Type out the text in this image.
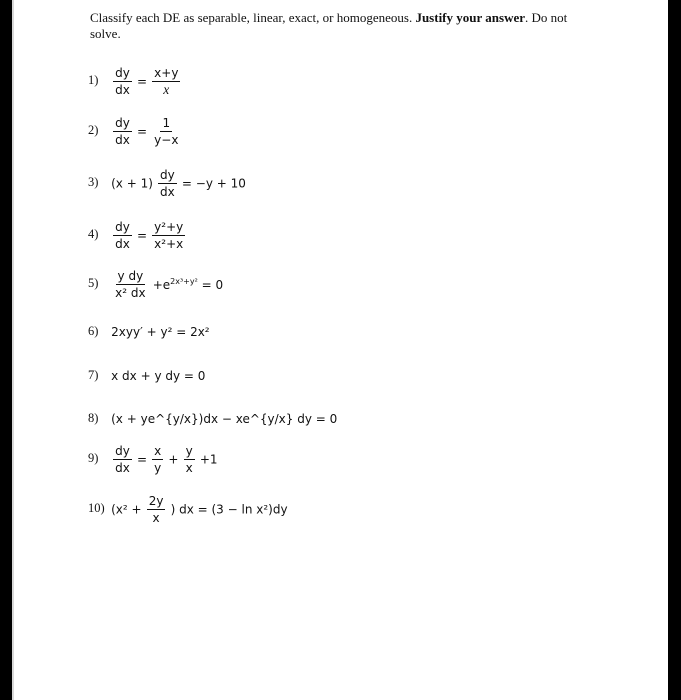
Classify each DE as separable, linear, exact, or homogeneous. Justify your answer. Do not solve.
$1) \frac{dy}{dx} = \frac{x+y}{x}$
$2) \frac{dy}{dx} = \frac{1}{y-x}$
3) $(x + 1) \frac{dy}{dx} = -y + 10$
$4) \frac{dy}{dx} = \frac{\text{y²+y}}{\text{x²+x}}$
$5) \frac{\text{y dy}}{\text{x² dx}} +e^{2x^3+y^2} = 0$
6) 2xyy′ + y² = 2x²
7) x dx + y dy = 0
8) (x + ye^{y/x})dx − xe^{y/x} dy = 0
$9) \frac{dy}{dx} = \frac{x}{y} + \frac{y}{x} +1$
10) ($x^2 + \frac{2y}{x}$ ) dx = (3 − ln x²)dy
